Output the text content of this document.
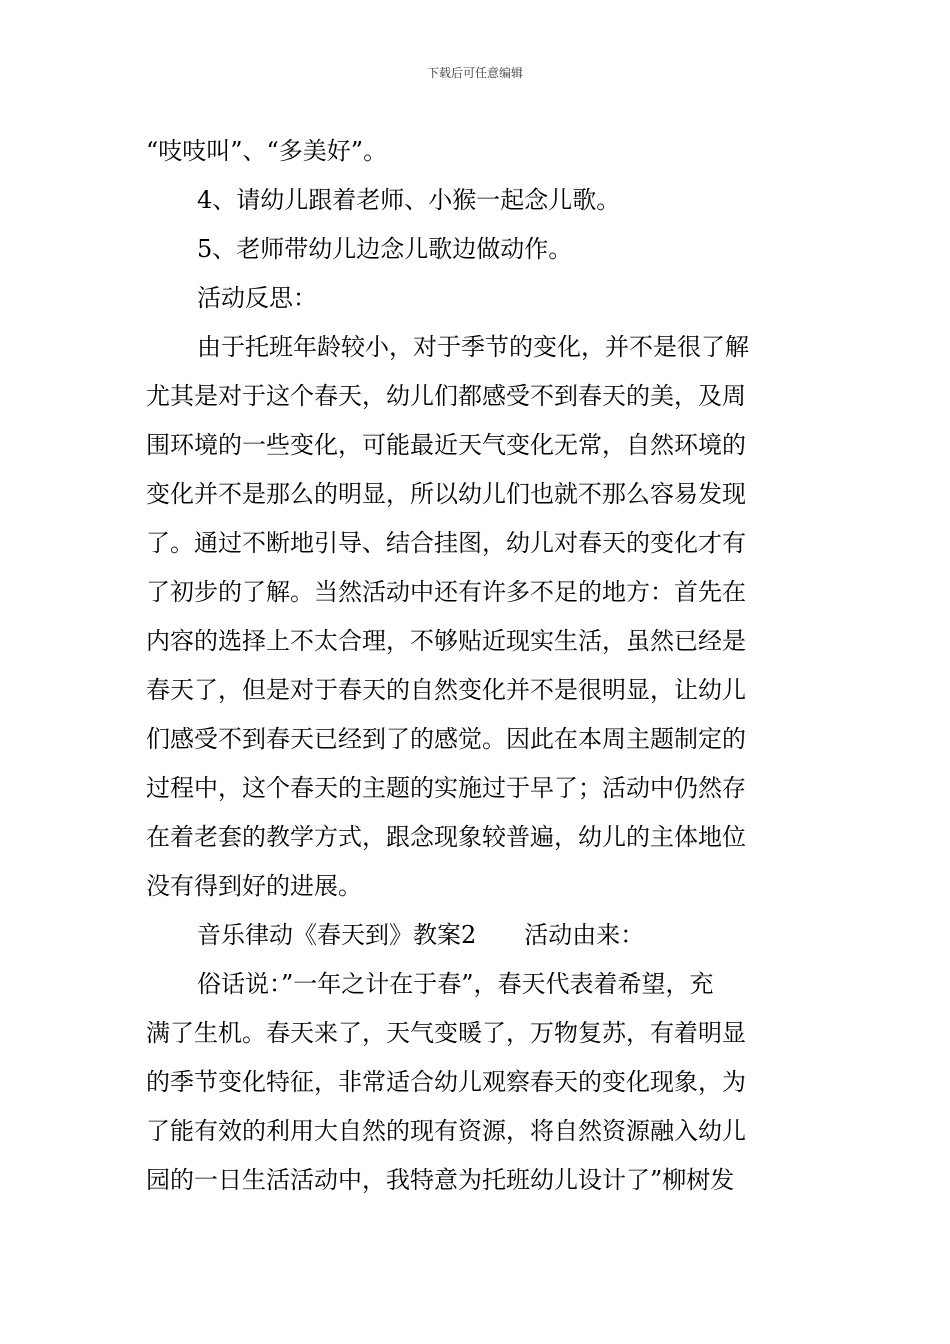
下载后可任意编辑
“吱吱叫”、“多美好”。
4、请幼儿跟着老师、小猴一起念儿歌。
5、老师带幼儿边念儿歌边做动作。
活动反思：
由于托班年龄较小，对于季节的变化，并不是很了解
尤其是对于这个春天，幼儿们都感受不到春天的美，及周
围环境的一些变化，可能最近天气变化无常，自然环境的
变化并不是那么的明显，所以幼儿们也就不那么容易发现
了。通过不断地引导、结合挂图，幼儿对春天的变化才有
了初步的了解。当然活动中还有许多不足的地方：首先在
内容的选择上不太合理，不够贴近现实生活，虽然已经是
春天了，但是对于春天的自然变化并不是很明显，让幼儿
们感受不到春天已经到了的感觉。因此在本周主题制定的
过程中，这个春天的主题的实施过于早了；活动中仍然存
在着老套的教学方式，跟念现象较普遍，幼儿的主体地位
没有得到好的进展。
音乐律动《春天到》教案2 活动由来：
俗话说：”一年之计在于春”，春天代表着希望，充
满了生机。春天来了，天气变暖了，万物复苏，有着明显
的季节变化特征，非常适合幼儿观察春天的变化现象，为
了能有效的利用大自然的现有资源，将自然资源融入幼儿
园的一日生活活动中，我特意为托班幼儿设计了”柳树发
